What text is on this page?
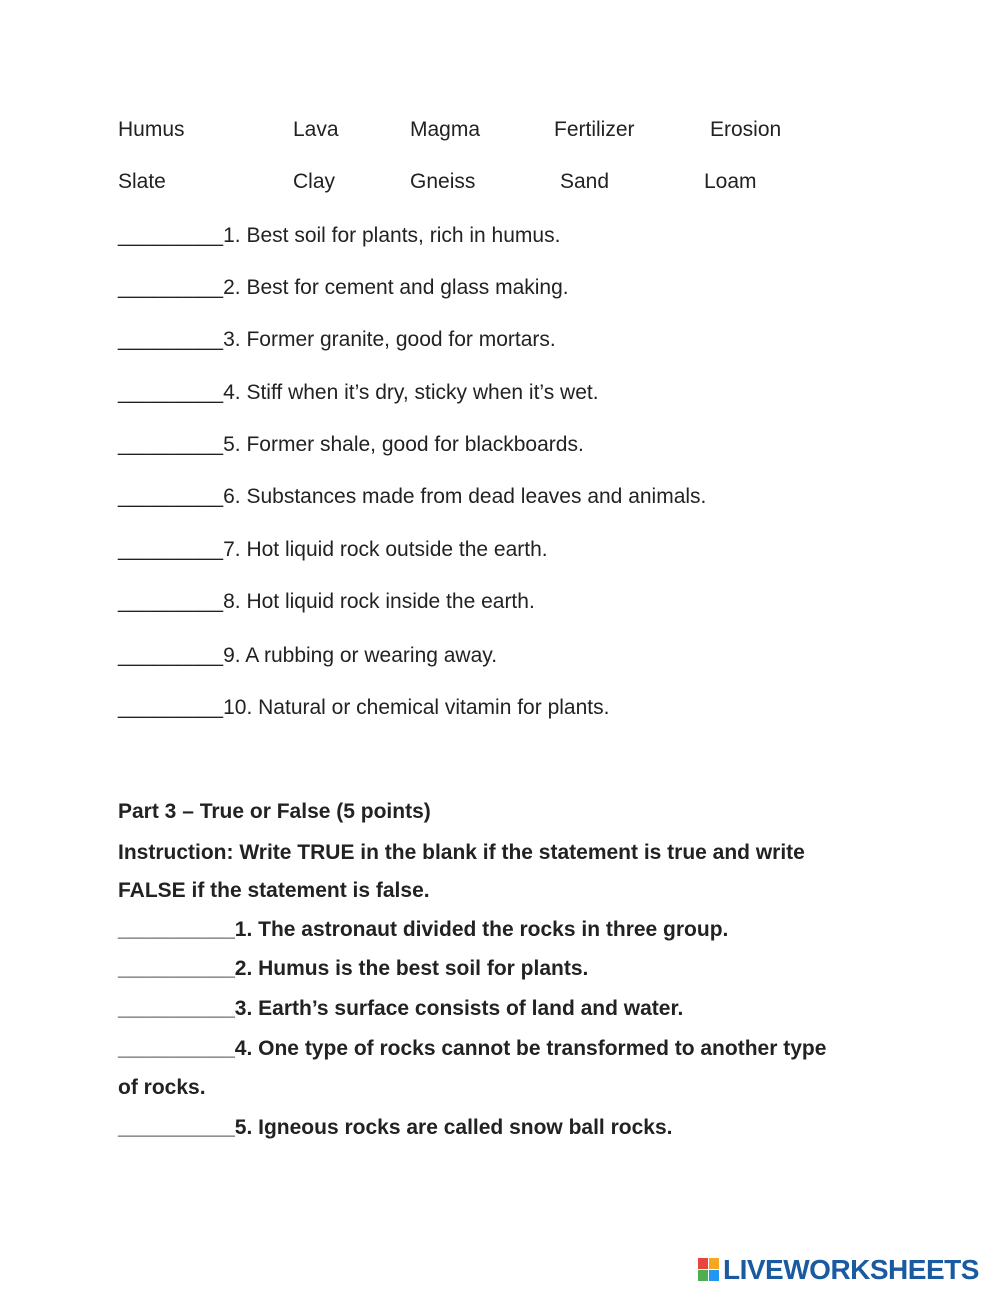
Humus	Lava	Magma	Fertilizer	Erosion
Slate	Clay	Gneiss	Sand	Loam
_________1. Best soil for plants, rich in humus.
_________2. Best for cement and glass making.
_________3. Former granite, good for mortars.
_________4. Stiff when it’s dry, sticky when it’s wet.
_________5. Former shale, good for blackboards.
_________6. Substances made from dead leaves and animals.
_________7. Hot liquid rock outside the earth.
_________8. Hot liquid rock inside the earth.
_________9. A rubbing or wearing away.
_________10. Natural or chemical vitamin for plants.
Part 3 – True or False (5 points)
Instruction: Write TRUE in the blank if the statement is true and write
FALSE if the statement is false.
__________1. The astronaut divided the rocks in three group.
__________2. Humus is the best soil for plants.
__________3. Earth’s surface consists of land and water.
__________4. One type of rocks cannot be transformed to another type
of rocks.
__________5. Igneous rocks are called snow ball rocks.
LIVEWORKSHEETS
